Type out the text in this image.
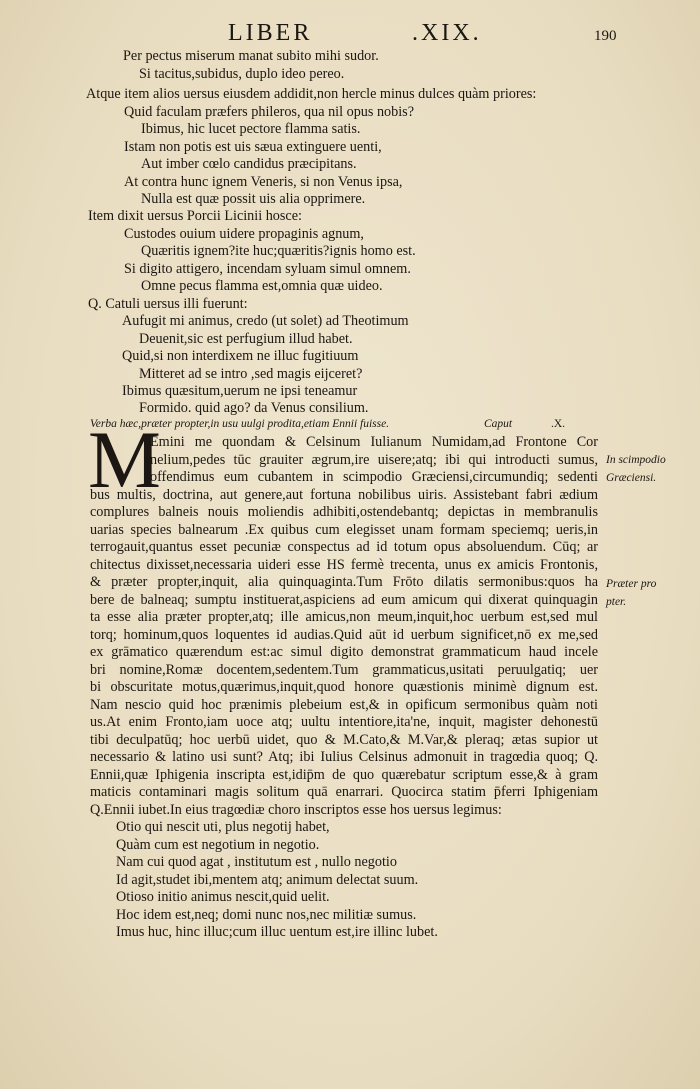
LIBER	.XIX.	190
Per pectus miserum manat subito mihi sudor.
Si tacitus,subidus, duplo ideo pereo.
Atque item alios uersus eiusdem addidit,non hercle minus dulces quàm priores:
Quid faculam præfers phileros, qua nil opus nobis?
Ibimus, hic lucet pectore flamma satis.
Istam non potis est uis sæua extinguere uenti,
Aut imber cœlo candidus præcipitans.
At contra hunc ignem Veneris, si non Venus ipsa,
Nulla est quæ possit uis alia opprimere.
Item dixit uersus Porcii Licinii hosce:
Custodes ouium uidere propaginis agnum,
Quæritis ignem?ite huc;quæritis?ignis homo est.
Si digito attigero, incendam syluam simul omnem.
Omne pecus flamma est,omnia quæ uideo.
Q. Catuli uersus illi fuerunt:
Aufugit mi animus, credo (ut solet) ad Theotimum
Deuenit,sic est perfugium illud habet.
Quid,si non interdixem ne illuc fugitiuum
Mitteret ad se intro ,sed magis eijceret?
Ibimus quæsitum,uerum ne ipsi teneamur
Formido. quid ago? da Venus consilium.
Verba hæc,præter propter,in usu uulgi prodita,etiam Ennii fuisse.	Caput	.X.
M
Emini me quondam & Celsinum Iulianum Numidam,ad Frontone Cor
nelium,pedes tūc grauiter ægrum,ire uisere;atq; ibi qui introducti sumus,
offendimus eum cubantem in scimpodio Græciensi,circumundiq; sedenti
bus multis, doctrina, aut genere,aut fortuna nobilibus uiris. Assistebant fabri ædium
complures balneis nouis moliendis adhibiti,ostendebantq; depictas in membranulis
uarias species balnearum .Ex quibus cum elegisset unam formam speciemq; ueris,in
terrogauit,quantus esset pecuniæ conspectus ad id totum opus absoluendum. Cūq; ar
chitectus dixisset,necessaria uideri esse HS fermè trecenta, unus ex amicis Frontonis,
& præter propter,inquit, alia quinquaginta.Tum Frōto dilatis sermonibus:quos ha
bere de balneaq; sumptu instituerat,aspiciens ad eum amicum qui dixerat quinquagin
ta esse alia præter propter,atq; ille amicus,non meum,inquit,hoc uerbum est,sed mul
torq; hominum,quos loquentes id audias.Quid aūt id uerbum significet,nō ex me,sed
ex grāmatico quærendum est:ac simul digito demonstrat grammaticum haud incele
bri nomine,Romæ docentem,sedentem.Tum grammaticus,usitati peruulgatiq; uer
bi obscuritate motus,quærimus,inquit,quod honore quæstionis minimè dignum est.
Nam nescio quid hoc prænimis plebeium est,& in opificum sermonibus quàm noti
us.At enim Fronto,iam uoce atq; uultu intentiore,ita'ne, inquit, magister dehonestū
tibi deculpatūq; hoc uerbū uidet, quo & M.Cato,& M.Var,& pleraq; ætas supior ut
necessario & latino usi sunt? Atq; ibi Iulius Celsinus admonuit in tragœdia quoq; Q.
Ennii,quæ Iphigenia inscripta est,idip̄m de quo quærebatur scriptum esse,& à gram
maticis contaminari magis solitum quā enarrari. Quocirca statim p̄ferri Iphigeniam
Q.Ennii iubet.In eius tragœdiæ choro inscriptos esse hos uersus legimus:
Otio qui nescit uti, plus negotij habet,
Quàm cum est negotium in negotio.
Nam cui quod agat , institutum est , nullo negotio
Id agit,studet ibi,mentem atq; animum delectat suum.
Otioso initio animus nescit,quid uelit.
Hoc idem est,neq; domi nunc nos,nec militiæ sumus.
Imus huc, hinc illuc;cum illuc uentum est,ire illinc lubet.
In scimpodio
Græciensi.
Præter pro
pter.
